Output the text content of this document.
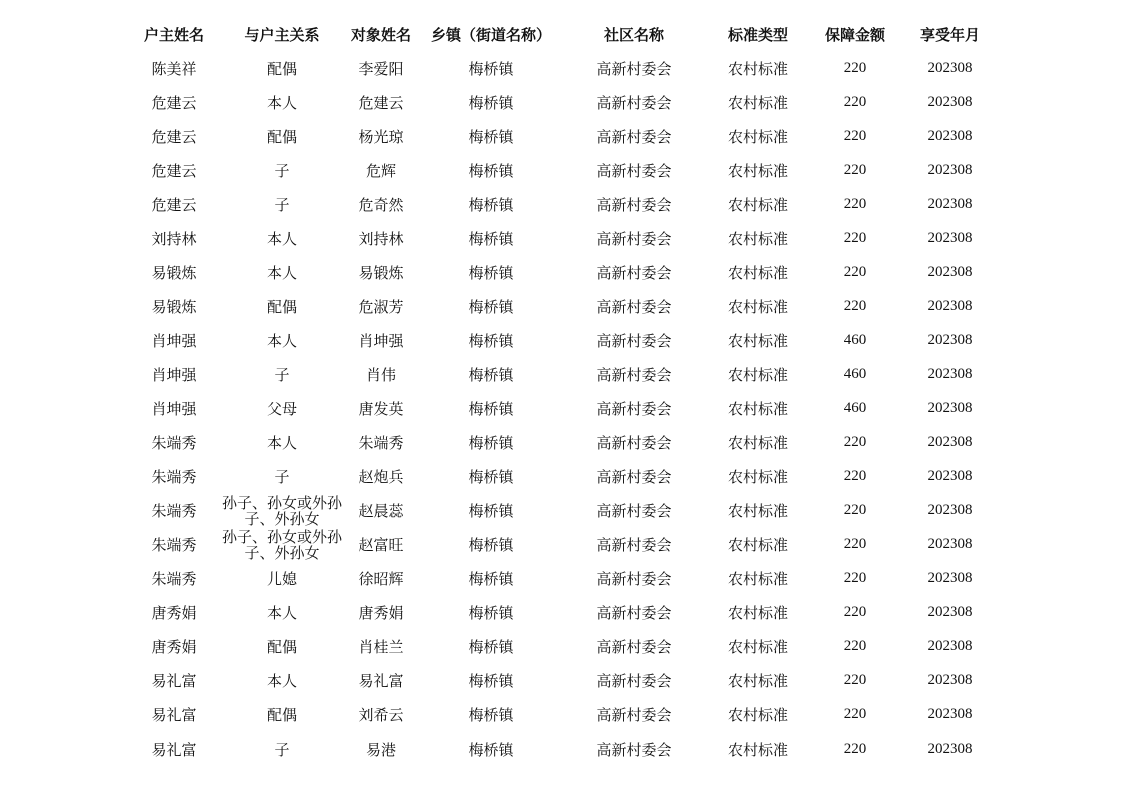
户主姓名	与户主关系	对象姓名	乡镇（街道名称）	社区名称	标准类型	保障金额	享受年月
陈美祥	配偶	李爱阳	梅桥镇	高新村委会	农村标准	220	202308
危建云	本人	危建云	梅桥镇	高新村委会	农村标准	220	202308
危建云	配偶	杨光琼	梅桥镇	高新村委会	农村标准	220	202308
危建云	子	危辉	梅桥镇	高新村委会	农村标准	220	202308
危建云	子	危奇然	梅桥镇	高新村委会	农村标准	220	202308
刘持林	本人	刘持林	梅桥镇	高新村委会	农村标准	220	202308
易锻炼	本人	易锻炼	梅桥镇	高新村委会	农村标准	220	202308
易锻炼	配偶	危淑芳	梅桥镇	高新村委会	农村标准	220	202308
肖坤强	本人	肖坤强	梅桥镇	高新村委会	农村标准	460	202308
肖坤强	子	肖伟	梅桥镇	高新村委会	农村标准	460	202308
肖坤强	父母	唐发英	梅桥镇	高新村委会	农村标准	460	202308
朱端秀	本人	朱端秀	梅桥镇	高新村委会	农村标准	220	202308
朱端秀	子	赵炮兵	梅桥镇	高新村委会	农村标准	220	202308
朱端秀	孙子、孙女或外孙子、外孙女	赵晨蕊	梅桥镇	高新村委会	农村标准	220	202308
朱端秀	孙子、孙女或外孙子、外孙女	赵富旺	梅桥镇	高新村委会	农村标准	220	202308
朱端秀	儿媳	徐昭辉	梅桥镇	高新村委会	农村标准	220	202308
唐秀娟	本人	唐秀娟	梅桥镇	高新村委会	农村标准	220	202308
唐秀娟	配偶	肖桂兰	梅桥镇	高新村委会	农村标准	220	202308
易礼富	本人	易礼富	梅桥镇	高新村委会	农村标准	220	202308
易礼富	配偶	刘希云	梅桥镇	高新村委会	农村标准	220	202308
易礼富	子	易港	梅桥镇	高新村委会	农村标准	220	202308
